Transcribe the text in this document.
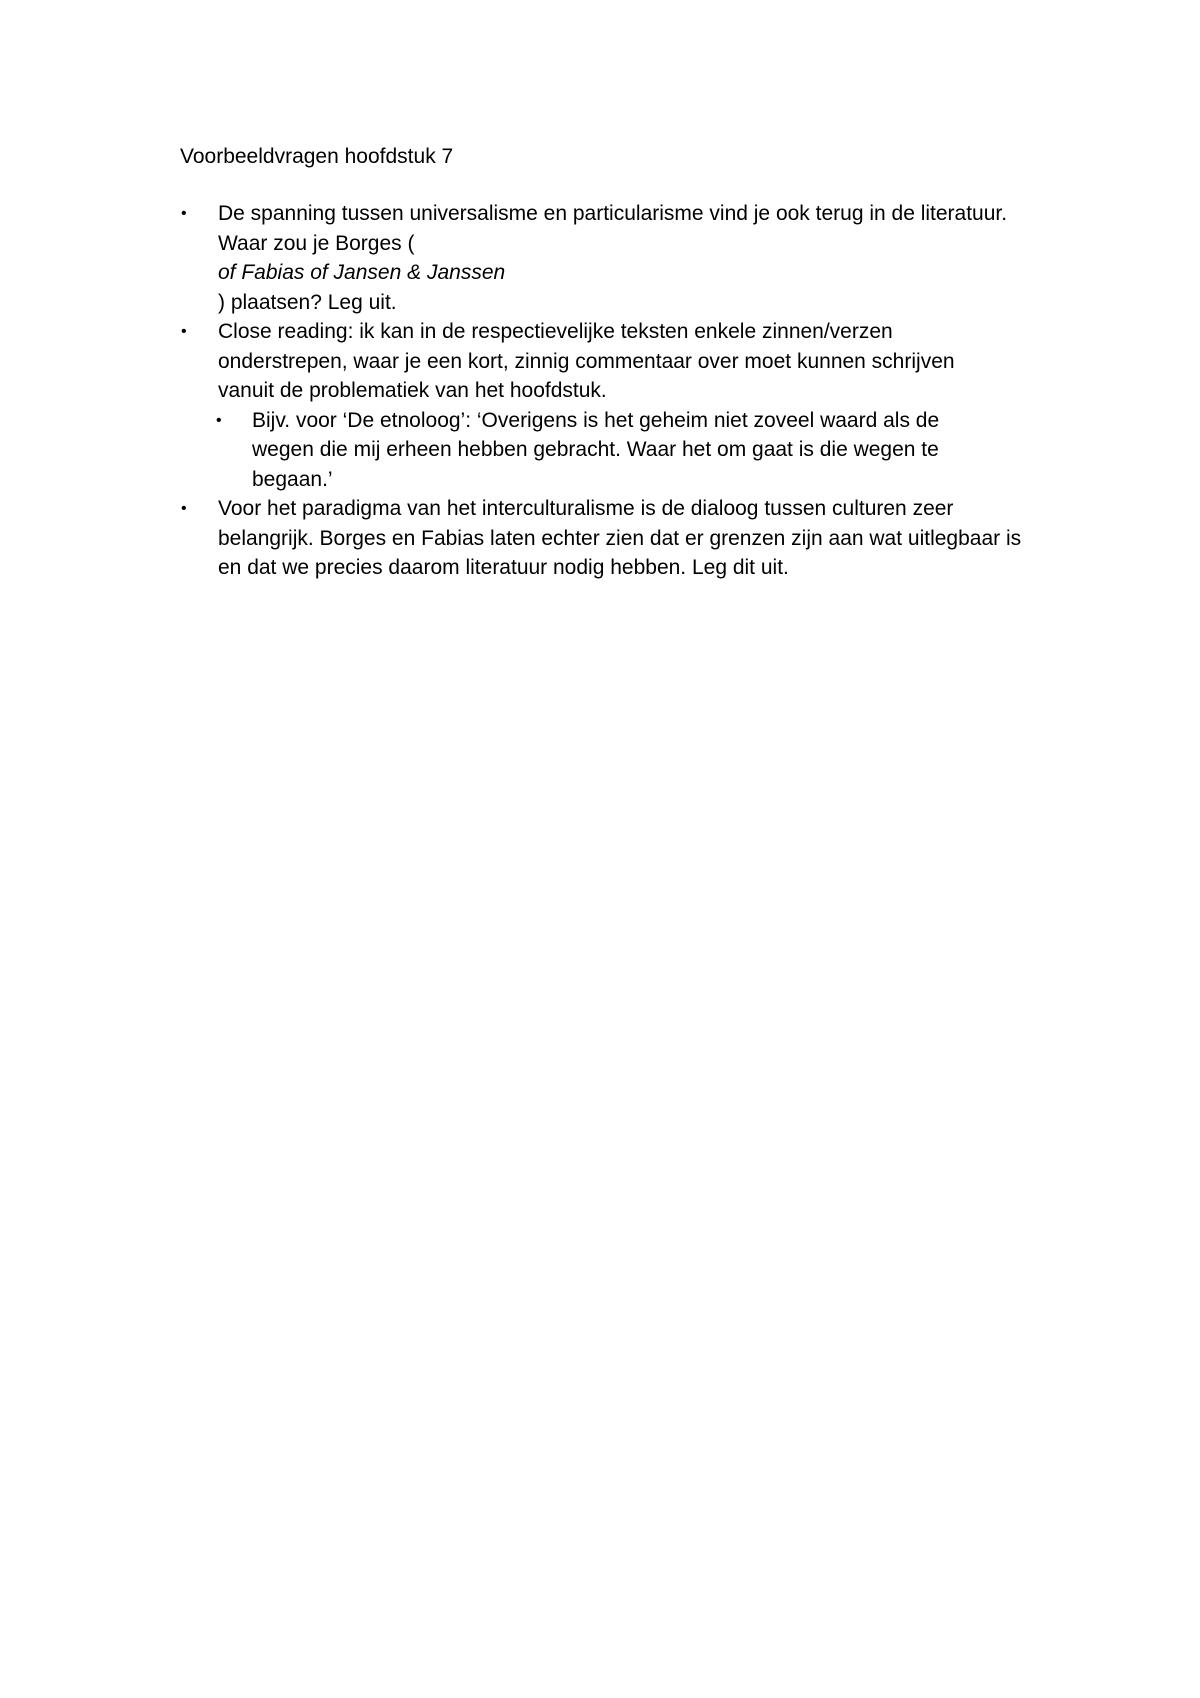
Voorbeeldvragen hoofdstuk 7
• De spanning tussen universalisme en particularisme vind je ook terug in de literatuur.
Waar zou je Borges (
of Fabias of Jansen & Janssen
) plaatsen? Leg uit.
• Close reading: ik kan in de respectievelijke teksten enkele zinnen/verzen
onderstrepen, waar je een kort, zinnig commentaar over moet kunnen schrijven
vanuit de problematiek van het hoofdstuk.
• Bijv. voor ‘De etnoloog’: ‘Overigens is het geheim niet zoveel waard als de
wegen die mij erheen hebben gebracht. Waar het om gaat is die wegen te
begaan.’
• Voor het paradigma van het interculturalisme is de dialoog tussen culturen zeer
belangrijk. Borges en Fabias laten echter zien dat er grenzen zijn aan wat uitlegbaar is
en dat we precies daarom literatuur nodig hebben. Leg dit uit.
